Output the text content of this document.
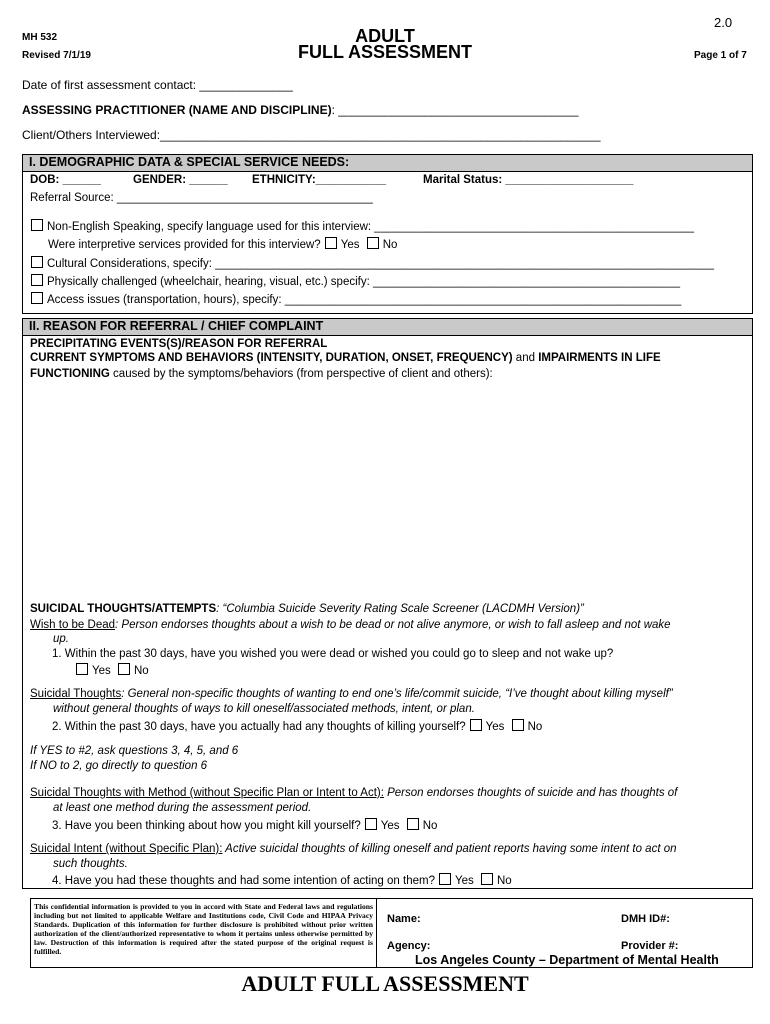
MH 532
Revised 7/1/19
ADULT
FULL ASSESSMENT
2.0
Page 1 of 7
Date of first assessment contact: ______________
ASSESSING PRACTITIONER (NAME AND DISCIPLINE): ____________________________________
Client/Others Interviewed:__________________________________________________________________
I. DEMOGRAPHIC DATA & SPECIAL SERVICE NEEDS:
DOB: ______	GENDER: ______ ETHNICITY:___________	Marital Status: ____________________
Referral Source: ________________________________________
Non-English Speaking, specify language used for this interview: __________________________________________________
Were interpretive services provided for this interview? Yes No
Cultural Considerations, specify: ______________________________________________________________________________
Physically challenged (wheelchair, hearing, visual, etc.) specify: ________________________________________________
Access issues (transportation, hours), specify: ______________________________________________________________
II. REASON FOR REFERRAL / CHIEF COMPLAINT
PRECIPITATING EVENTS(S)/REASON FOR REFERRAL
CURRENT SYMPTOMS AND BEHAVIORS (INTENSITY, DURATION, ONSET, FREQUENCY) and IMPAIRMENTS IN LIFE
FUNCTIONING caused by the symptoms/behaviors (from perspective of client and others):
SUICIDAL THOUGHTS/ATTEMPTS: “Columbia Suicide Severity Rating Scale Screener (LACDMH Version)”
Wish to be Dead: Person endorses thoughts about a wish to be dead or not alive anymore, or wish to fall asleep and not wake
up.
1. Within the past 30 days, have you wished you were dead or wished you could go to sleep and not wake up?
Yes No
Suicidal Thoughts: General non-specific thoughts of wanting to end one’s life/commit suicide, “I’ve thought about killing myself”
without general thoughts of ways to kill oneself/associated methods, intent, or plan.
2. Within the past 30 days, have you actually had any thoughts of killing yourself? Yes No
If YES to #2, ask questions 3, 4, 5, and 6
If NO to 2, go directly to question 6
Suicidal Thoughts with Method (without Specific Plan or Intent to Act): Person endorses thoughts of suicide and has thoughts of
at least one method during the assessment period.
3. Have you been thinking about how you might kill yourself? Yes No
Suicidal Intent (without Specific Plan): Active suicidal thoughts of killing oneself and patient reports having some intent to act on
such thoughts.
4. Have you had these thoughts and had some intention of acting on them? Yes No
This confidential information is provided to you in accord with State and Federal laws and regulations including but not limited to applicable Welfare and Institutions code, Civil Code and HIPAA Privacy Standards. Duplication of this information for further disclosure is prohibited without prior written authorization of the client/authorized representative to whom it pertains unless otherwise permitted by law. Destruction of this information is required after the stated purpose of the original request is fulfilled.
Name:	DMH ID#:
Agency:	Provider #:
Los Angeles County – Department of Mental Health
ADULT FULL ASSESSMENT
